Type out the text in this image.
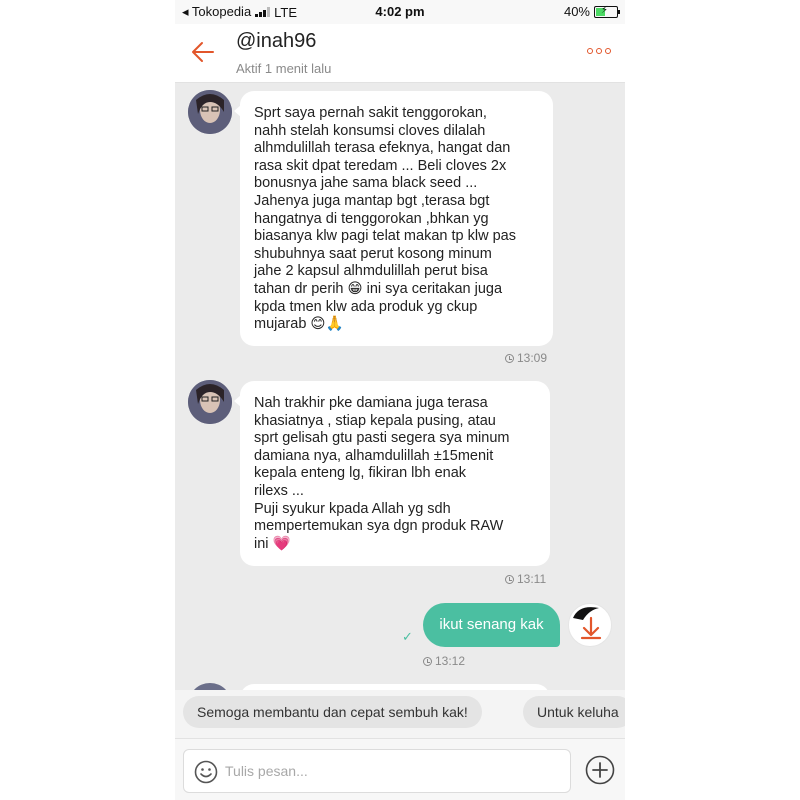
◂ Tokopedia LTE	4:02 pm	40% ⚡
@inah96
Aktif 1 menit lalu
Sprt saya pernah sakit tenggorokan,
nahh stelah konsumsi cloves dilalah
alhmdulillah terasa efeknya, hangat dan
rasa skit dpat teredam ... Beli cloves 2x
bonusnya jahe sama black seed ...
Jahenya juga mantap bgt ,terasa bgt
hangatnya di tenggorokan ,bhkan yg
biasanya klw pagi telat makan tp klw pas
shubuhnya saat perut kosong minum
jahe 2 kapsul alhmdulillah perut bisa
tahan dr perih 😁 ini sya ceritakan juga
kpda tmen klw ada produk yg ckup
mujarab 😊🙏
13:09
Nah trakhir pke damiana juga terasa
khasiatnya , stiap kepala pusing, atau
sprt gelisah gtu pasti segera sya minum
damiana nya, alhamdulillah ±15menit
kepala enteng lg, fikiran lbh enak
rilexs ...
Puji syukur kpada Allah yg sdh
mempertemukan sya dgn produk RAW
ini 💗
13:11
✓
ikut senang kak
13:12
Semoga membantu dan cepat sembuh kak!	Untuk keluha
Tulis pesan...
